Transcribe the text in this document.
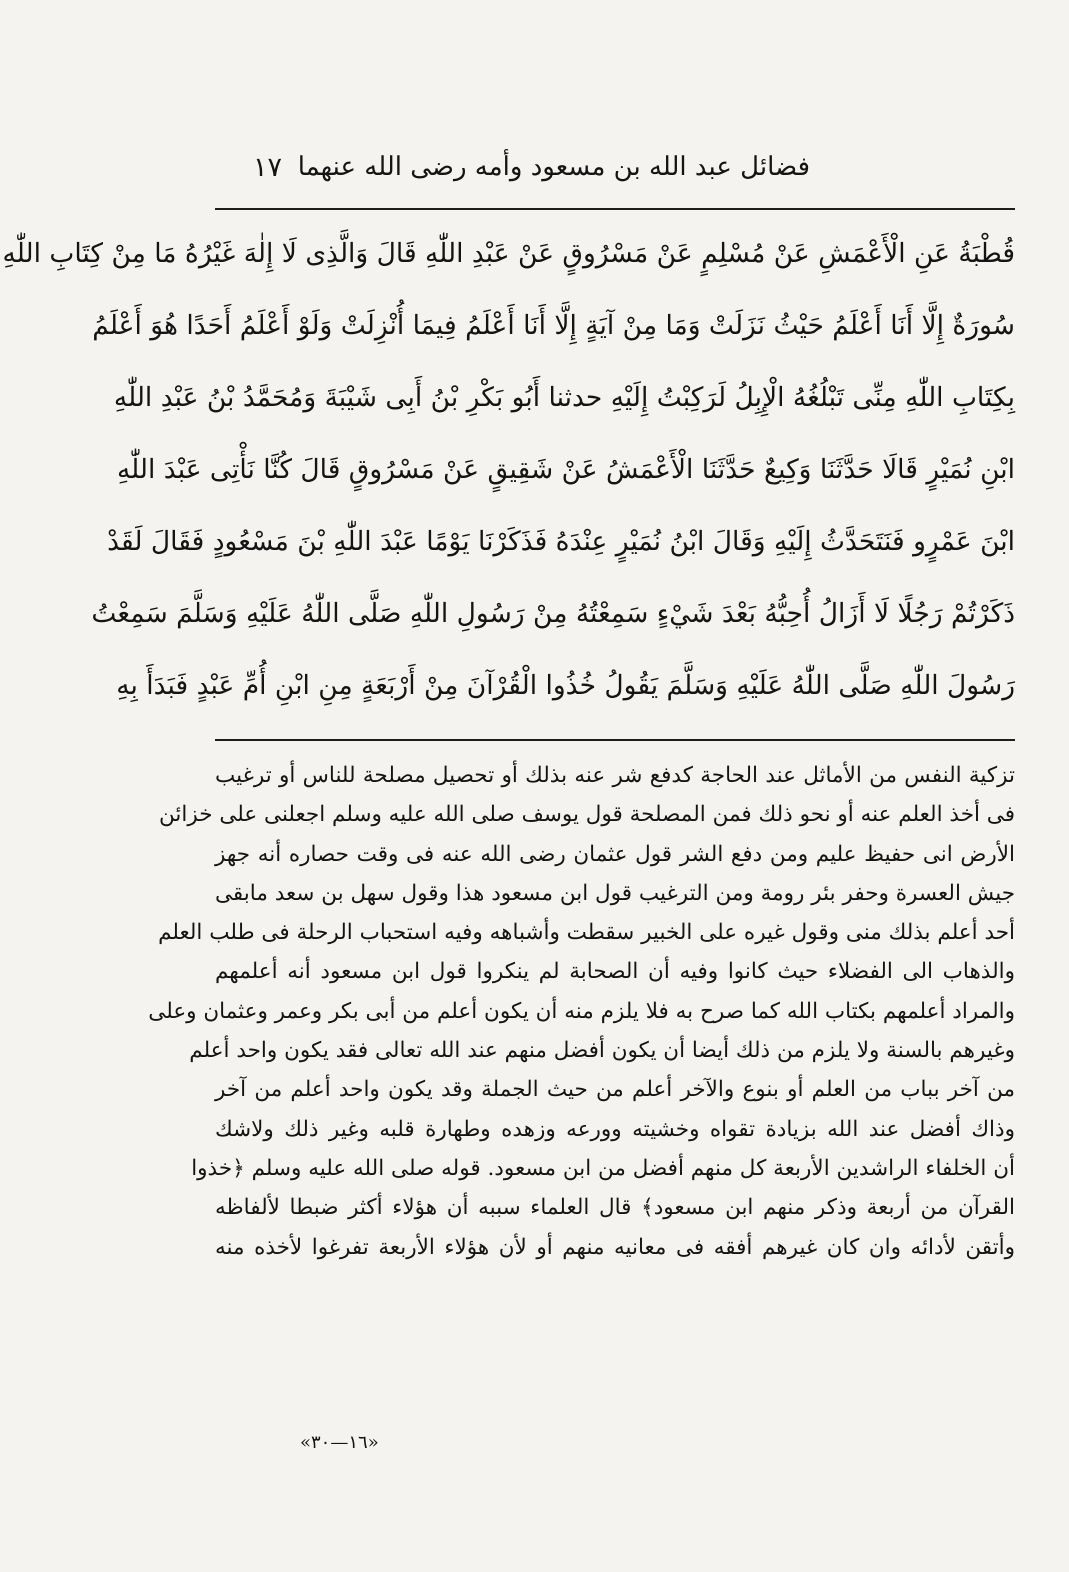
فضائل عبد الله بن مسعود وأمه رضى الله عنهما
١٧
قُطْبَةُ عَنِ الْأَعْمَشِ عَنْ مُسْلِمٍ عَنْ مَسْرُوقٍ عَنْ عَبْدِ اللّٰهِ قَالَ وَالَّذِى لَا إِلٰهَ غَيْرُهُ مَا مِنْ كِتَابِ اللّٰهِ
سُورَةٌ إِلَّا أَنَا أَعْلَمُ حَيْثُ نَزَلَتْ وَمَا مِنْ آيَةٍ إِلَّا أَنَا أَعْلَمُ فِيمَا أُنْزِلَتْ وَلَوْ أَعْلَمُ أَحَدًا هُوَ أَعْلَمُ
بِكِتَابِ اللّٰهِ مِنِّى تَبْلُغُهُ الْإِبِلُ لَرَكِبْتُ إِلَيْهِ حدثنا أَبُو بَكْرِ بْنُ أَبِى شَيْبَةَ وَمُحَمَّدُ بْنُ عَبْدِ اللّٰهِ
ابْنِ نُمَيْرٍ قَالَا حَدَّثَنَا وَكِيعٌ حَدَّثَنَا الْأَعْمَشُ عَنْ شَقِيقٍ عَنْ مَسْرُوقٍ قَالَ كُنَّا نَأْتِى عَبْدَ اللّٰهِ
ابْنَ عَمْرٍو فَنَتَحَدَّثُ إِلَيْهِ وَقَالَ ابْنُ نُمَيْرٍ عِنْدَهُ فَذَكَرْنَا يَوْمًا عَبْدَ اللّٰهِ بْنَ مَسْعُودٍ فَقَالَ لَقَدْ
ذَكَرْتُمْ رَجُلًا لَا أَزَالُ أُحِبُّهُ بَعْدَ شَيْءٍ سَمِعْتُهُ مِنْ رَسُولِ اللّٰهِ صَلَّى اللّٰهُ عَلَيْهِ وَسَلَّمَ سَمِعْتُ
رَسُولَ اللّٰهِ صَلَّى اللّٰهُ عَلَيْهِ وَسَلَّمَ يَقُولُ خُذُوا الْقُرْآنَ مِنْ أَرْبَعَةٍ مِنِ ابْنِ أُمِّ عَبْدٍ فَبَدَأَ بِهِ
تزكية النفس من الأماثل عند الحاجة كدفع شر عنه بذلك أو تحصيل مصلحة للناس أو ترغيب
فى أخذ العلم عنه أو نحو ذلك فمن المصلحة قول يوسف صلى الله عليه وسلم اجعلنى على خزائن
الأرض انى حفيظ عليم ومن دفع الشر قول عثمان رضى الله عنه فى وقت حصاره أنه جهز
جيش العسرة وحفر بئر رومة ومن الترغيب قول ابن مسعود هذا وقول سهل بن سعد مابقى
أحد أعلم بذلك منى وقول غيره على الخبير سقطت وأشباهه وفيه استحباب الرحلة فى طلب العلم
والذهاب الى الفضلاء حيث كانوا وفيه أن الصحابة لم ينكروا قول ابن مسعود أنه أعلمهم
والمراد أعلمهم بكتاب الله كما صرح به فلا يلزم منه أن يكون أعلم من أبى بكر وعمر وعثمان وعلى
وغيرهم بالسنة ولا يلزم من ذلك أيضا أن يكون أفضل منهم عند الله تعالى فقد يكون واحد أعلم
من آخر بباب من العلم أو بنوع والآخر أعلم من حيث الجملة وقد يكون واحد أعلم من آخر
وذاك أفضل عند الله بزيادة تقواه وخشيته وورعه وزهده وطهارة قلبه وغير ذلك ولاشك
أن الخلفاء الراشدين الأربعة كل منهم أفضل من ابن مسعود. قوله صلى الله عليه وسلم ﴿خذوا
القرآن من أربعة وذكر منهم ابن مسعود﴾ قال العلماء سببه أن هؤلاء أكثر ضبطا لألفاظه
وأتقن لأدائه وان كان غيرهم أفقه فى معانيه منهم أو لأن هؤلاء الأربعة تفرغوا لأخذه منه
«١٦—٣٠»
